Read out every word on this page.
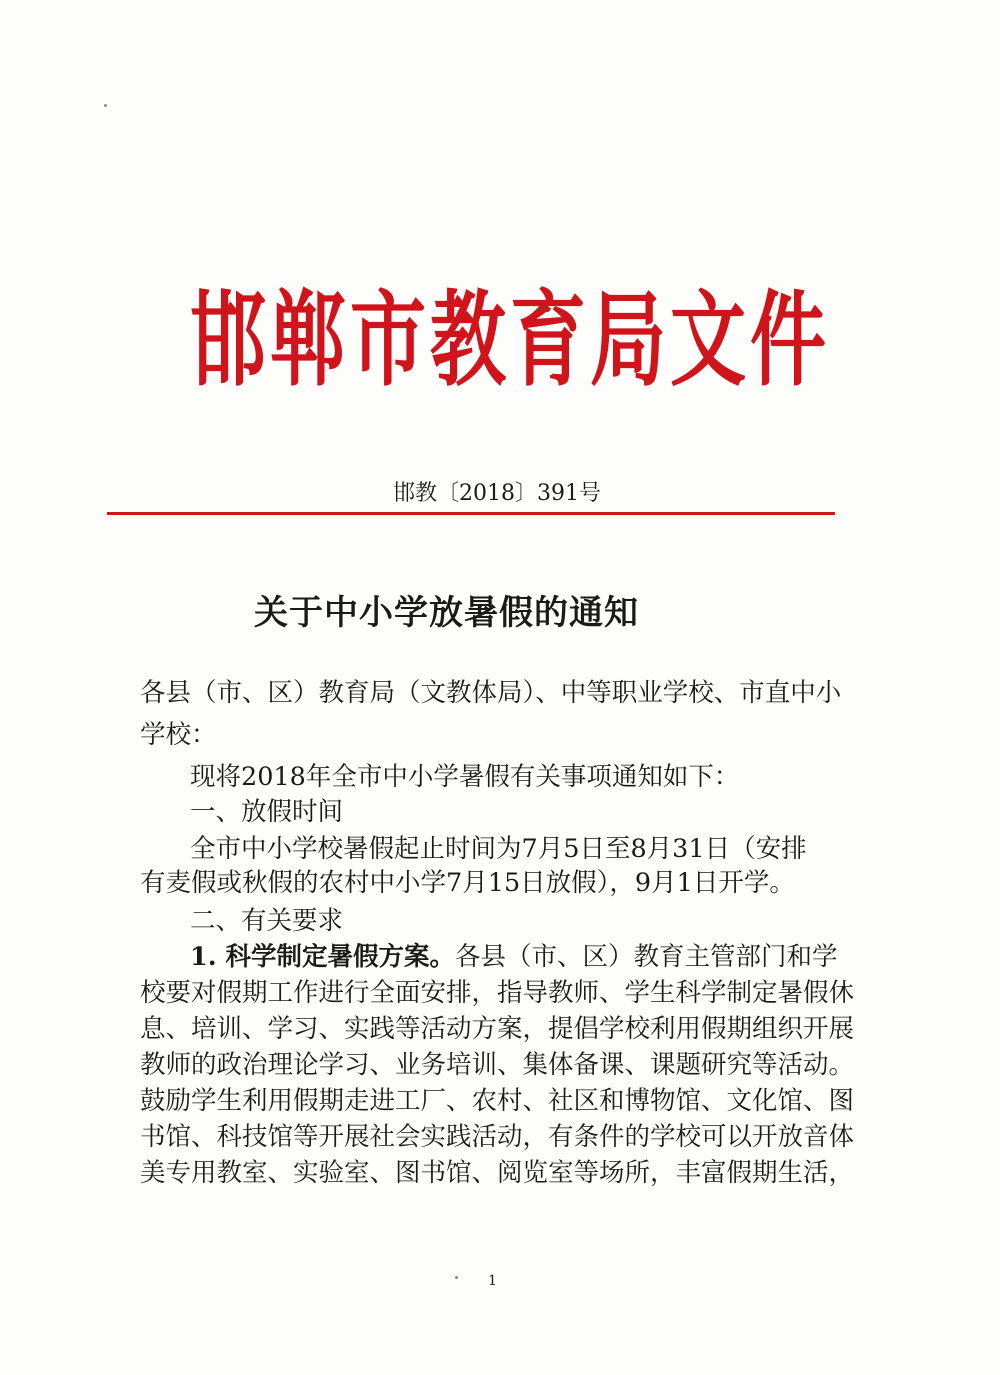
邯郸市教育局文件
邯教〔2018〕391号
关于中小学放暑假的通知
各县（市、区）教育局（文教体局）、中等职业学校、市直中小
学校：
现将2018年全市中小学暑假有关事项通知如下：
一、放假时间
全市中小学校暑假起止时间为7月5日至8月31日（安排
有麦假或秋假的农村中小学7月15日放假），9月1日开学。
二、有关要求
1. 科学制定暑假方案。各县（市、区）教育主管部门和学
校要对假期工作进行全面安排，指导教师、学生科学制定暑假休
息、培训、学习、实践等活动方案，提倡学校利用假期组织开展
教师的政治理论学习、业务培训、集体备课、课题研究等活动。
鼓励学生利用假期走进工厂、农村、社区和博物馆、文化馆、图
书馆、科技馆等开展社会实践活动，有条件的学校可以开放音体
美专用教室、实验室、图书馆、阅览室等场所，丰富假期生活，
1
